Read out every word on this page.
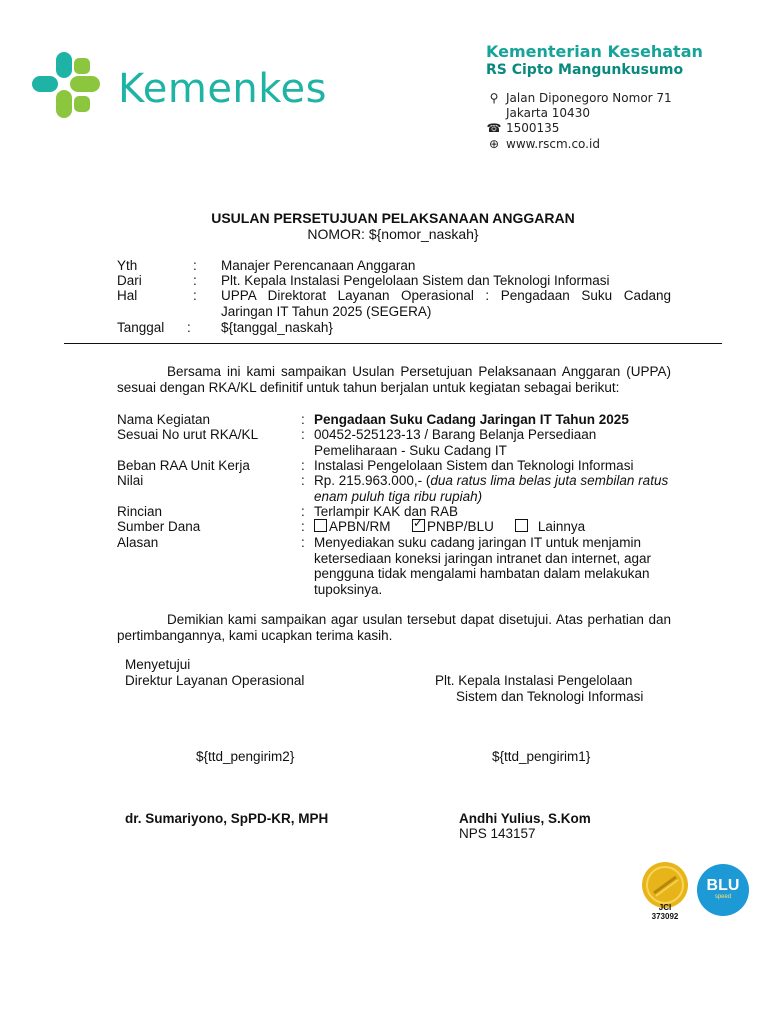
Kemenkes
Kementerian Kesehatan
RS Cipto Mangunkusumo
⚲ Jalan Diponegoro Nomor 71
Jakarta 10430
☎ 1500135
⊕ www.rscm.co.id
USULAN PERSETUJUAN PELAKSANAAN ANGGARAN
NOMOR: ${nomor_naskah}
Yth	: Manajer Perencanaan Anggaran
Dari	: Plt. Kepala Instalasi Pengelolaan Sistem dan Teknologi Informasi
Hal	: UPPA Direktorat Layanan Operasional : Pengadaan Suku Cadang Jaringan IT Tahun 2025 (SEGERA)
Tanggal : ${tanggal_naskah}
Bersama ini kami sampaikan Usulan Persetujuan Pelaksanaan Anggaran (UPPA) sesuai dengan RKA/KL definitif untuk tahun berjalan untuk kegiatan sebagai berikut:
Nama Kegiatan	: Pengadaan Suku Cadang Jaringan IT Tahun 2025
Sesuai No urut RKA/KL	: 00452-525123-13 / Barang Belanja Persediaan Pemeliharaan - Suku Cadang IT
Beban RAA Unit Kerja	: Instalasi Pengelolaan Sistem dan Teknologi Informasi
Nilai	: Rp. 215.963.000,- (dua ratus lima belas juta sembilan ratus enam puluh tiga ribu rupiah)
Rincian	: Terlampir KAK dan RAB
Sumber Dana	:	APBN/RM  ✓	PNBP/BLU	Lainnya
Alasan	: Menyediakan suku cadang jaringan IT untuk menjamin ketersediaan koneksi jaringan intranet dan internet, agar pengguna tidak mengalami hambatan dalam melakukan tupoksinya.
Demikian kami sampaikan agar usulan tersebut dapat disetujui. Atas perhatian dan pertimbangannya, kami ucapkan terima kasih.
Menyetujui
Direktur Layanan Operasional	Plt. Kepala Instalasi Pengelolaan
Sistem dan Teknologi Informasi
${ttd_pengirim2}	${ttd_pengirim1}
dr. Sumariyono, SpPD-KR, MPH	Andhi Yulius, S.Kom
NPS 143157
JCI
373092
BLU
speed
